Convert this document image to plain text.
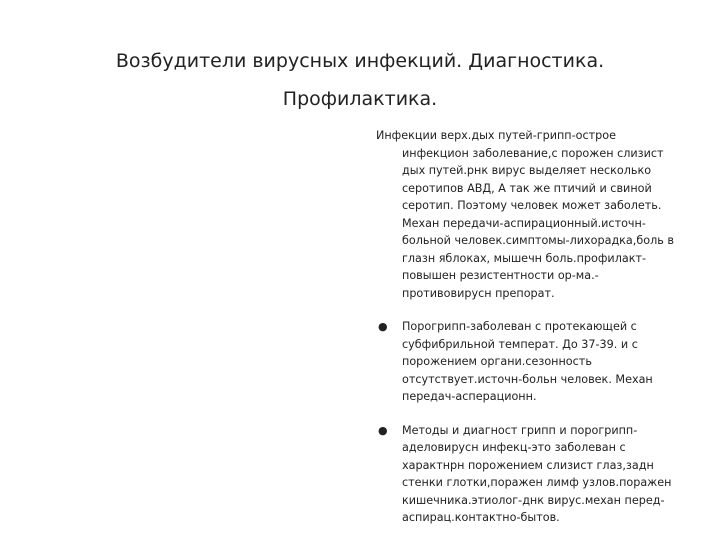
Возбудители вирусных инфекций. Диагностика.
Профилактика.

Инфекции верх.дых путей-грипп-острое инфекцион заболевание,с порожен слизист дых путей.рнк вирус выделяет несколько серотипов АВД, А так же птичий и свиной серотип. Поэтому человек может заболеть. Механ передачи-аспирационный.источн-больной человек.симптомы-лихорадка,боль в глазн яблоках, мышечн боль.профилакт-повышен резистентности ор-ма.-противовирусн препорат.

● Порогрипп-заболеван с протекающей с субфибрильной температ. До 37-39. и с порожением органи.сезонность отсутствует.источн-больн человек. Механ передач-асперационн.
● Методы и диагност грипп и порогрипп-аделовирусн инфекц-это заболеван с характнрн порожением слизист глаз,задн стенки глотки,поражен лимф узлов.поражен кишечника.этиолог-днк вирус.механ перед-аспирац.контактно-бытов.
